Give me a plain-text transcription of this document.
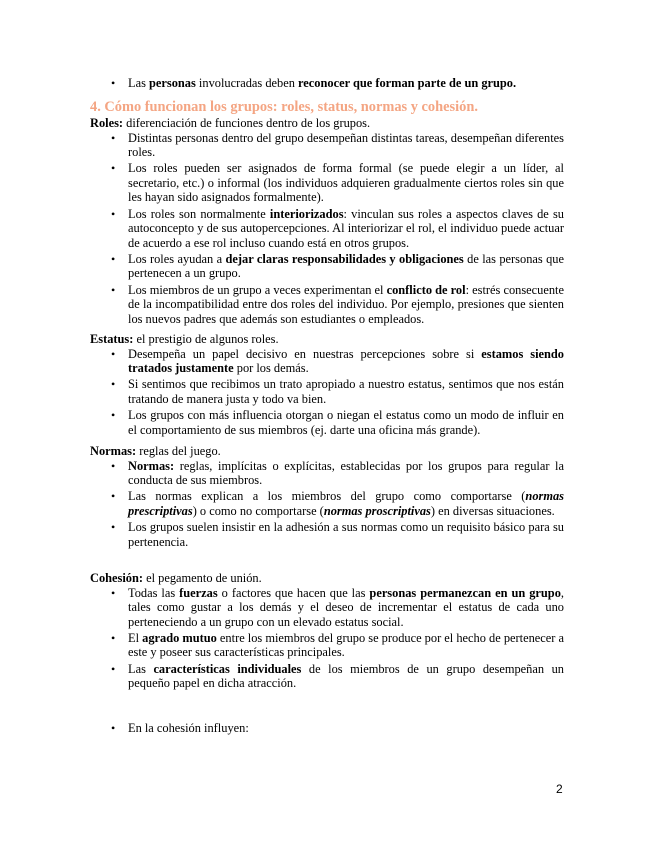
• Las personas involucradas deben reconocer que forman parte de un grupo.
4. Cómo funcionan los grupos: roles, status, normas y cohesión.
Roles: diferenciación de funciones dentro de los grupos.
• Distintas personas dentro del grupo desempeñan distintas tareas, desempeñan diferentes roles.
• Los roles pueden ser asignados de forma formal (se puede elegir a un líder, al secretario, etc.) o informal (los individuos adquieren gradualmente ciertos roles sin que les hayan sido asignados formalmente).
• Los roles son normalmente interiorizados: vinculan sus roles a aspectos claves de su autoconcepto y de sus autopercepciones. Al interiorizar el rol, el individuo puede actuar de acuerdo a ese rol incluso cuando está en otros grupos.
• Los roles ayudan a dejar claras responsabilidades y obligaciones de las personas que pertenecen a un grupo.
• Los miembros de un grupo a veces experimentan el conflicto de rol: estrés consecuente de la incompatibilidad entre dos roles del individuo. Por ejemplo, presiones que sienten los nuevos padres que además son estudiantes o empleados.
Estatus: el prestigio de algunos roles.
• Desempeña un papel decisivo en nuestras percepciones sobre si estamos siendo tratados justamente por los demás.
• Si sentimos que recibimos un trato apropiado a nuestro estatus, sentimos que nos están tratando de manera justa y todo va bien.
• Los grupos con más influencia otorgan o niegan el estatus como un modo de influir en el comportamiento de sus miembros (ej. darte una oficina más grande).
Normas: reglas del juego.
• Normas: reglas, implícitas o explícitas, establecidas por los grupos para regular la conducta de sus miembros.
• Las normas explican a los miembros del grupo como comportarse (normas prescriptivas) o como no comportarse (normas proscriptivas) en diversas situaciones.
• Los grupos suelen insistir en la adhesión a sus normas como un requisito básico para su pertenencia.
Cohesión: el pegamento de unión.
• Todas las fuerzas o factores que hacen que las personas permanezcan en un grupo, tales como gustar a los demás y el deseo de incrementar el estatus de cada uno perteneciendo a un grupo con un elevado estatus social.
• El agrado mutuo entre los miembros del grupo se produce por el hecho de pertenecer a este y poseer sus características principales.
• Las características individuales de los miembros de un grupo desempeñan un pequeño papel en dicha atracción.
• En la cohesión influyen:
2
